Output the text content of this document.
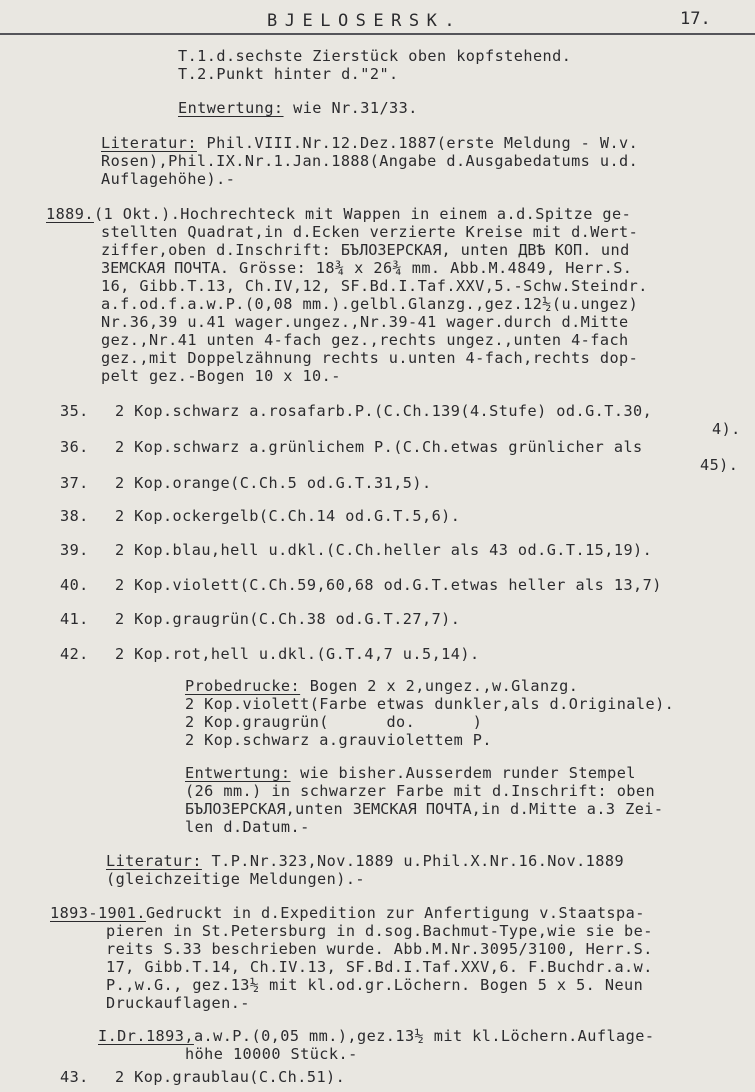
BJELOSERSK.	17.
T.1.d.sechste Zierstück oben kopfstehend.
T.2.Punkt hinter d."2".
Entwertung: wie Nr.31/33.
Literatur: Phil.VIII.Nr.12.Dez.1887(erste Meldung - W.v.
Rosen),Phil.IX.Nr.1.Jan.1888(Angabe d.Ausgabedatums u.d.
Auflagehöhe).-
1889.(1 Okt.).Hochrechteck mit Wappen in einem a.d.Spitze ge-
stellten Quadrat,in d.Ecken verzierte Kreise mit d.Wert-
ziffer,oben d.Inschrift: БЪЛОЗЕРСКАЯ, unten ДВѢ КОП. und
ЗЕМСКАЯ ПОЧТА. Grösse: 18¾ x 26¾ mm. Abb.M.4849, Herr.S.
16, Gibb.T.13, Ch.IV,12, SF.Bd.I.Taf.XXV,5.-Schw.Steindr.
a.f.od.f.a.w.P.(0,08 mm.).gelbl.Glanzg.,gez.12½(u.ungez)
Nr.36,39 u.41 wager.ungez.,Nr.39-41 wager.durch d.Mitte
gez.,Nr.41 unten 4-fach gez.,rechts ungez.,unten 4-fach
gez.,mit Doppelzähnung rechts u.unten 4-fach,rechts dop-
pelt gez.-Bogen 10 x 10.-
35. 2 Kop.schwarz a.rosafarb.P.(C.Ch.139(4.Stufe) od.G.T.30,
4).
36. 2 Kop.schwarz a.grünlichem P.(C.Ch.etwas grünlicher als
45).
37. 2 Kop.orange(C.Ch.5 od.G.T.31,5).
38. 2 Kop.ockergelb(C.Ch.14 od.G.T.5,6).
39. 2 Kop.blau,hell u.dkl.(C.Ch.heller als 43 od.G.T.15,19).
40. 2 Kop.violett(C.Ch.59,60,68 od.G.T.etwas heller als 13,7)
41. 2 Kop.graugrün(C.Ch.38 od.G.T.27,7).
42. 2 Kop.rot,hell u.dkl.(G.T.4,7 u.5,14).
Probedrucke: Bogen 2 x 2,ungez.,w.Glanzg.
2 Kop.violett(Farbe etwas dunkler,als d.Originale).
2 Kop.graugrün(      do.      )
2 Kop.schwarz a.grauviolettem P.
Entwertung: wie bisher.Ausserdem runder Stempel
(26 mm.) in schwarzer Farbe mit d.Inschrift: oben
БЪЛОЗЕРСКАЯ,unten ЗЕМСКАЯ ПОЧТА,in d.Mitte a.3 Zei-
len d.Datum.-
Literatur: T.P.Nr.323,Nov.1889 u.Phil.X.Nr.16.Nov.1889
(gleichzeitige Meldungen).-
1893-1901.Gedruckt in d.Expedition zur Anfertigung v.Staatspa-
pieren in St.Petersburg in d.sog.Bachmut-Type,wie sie be-
reits S.33 beschrieben wurde. Abb.M.Nr.3095/3100, Herr.S.
17, Gibb.T.14, Ch.IV.13, SF.Bd.I.Taf.XXV,6. F.Buchdr.a.w.
P.,w.G., gez.13½ mit kl.od.gr.Löchern. Bogen 5 x 5. Neun
Druckauflagen.-
I.Dr.1893,a.w.P.(0,05 mm.),gez.13½ mit kl.Löchern.Auflage-
höhe 10000 Stück.-
43. 2 Kop.graublau(C.Ch.51).
